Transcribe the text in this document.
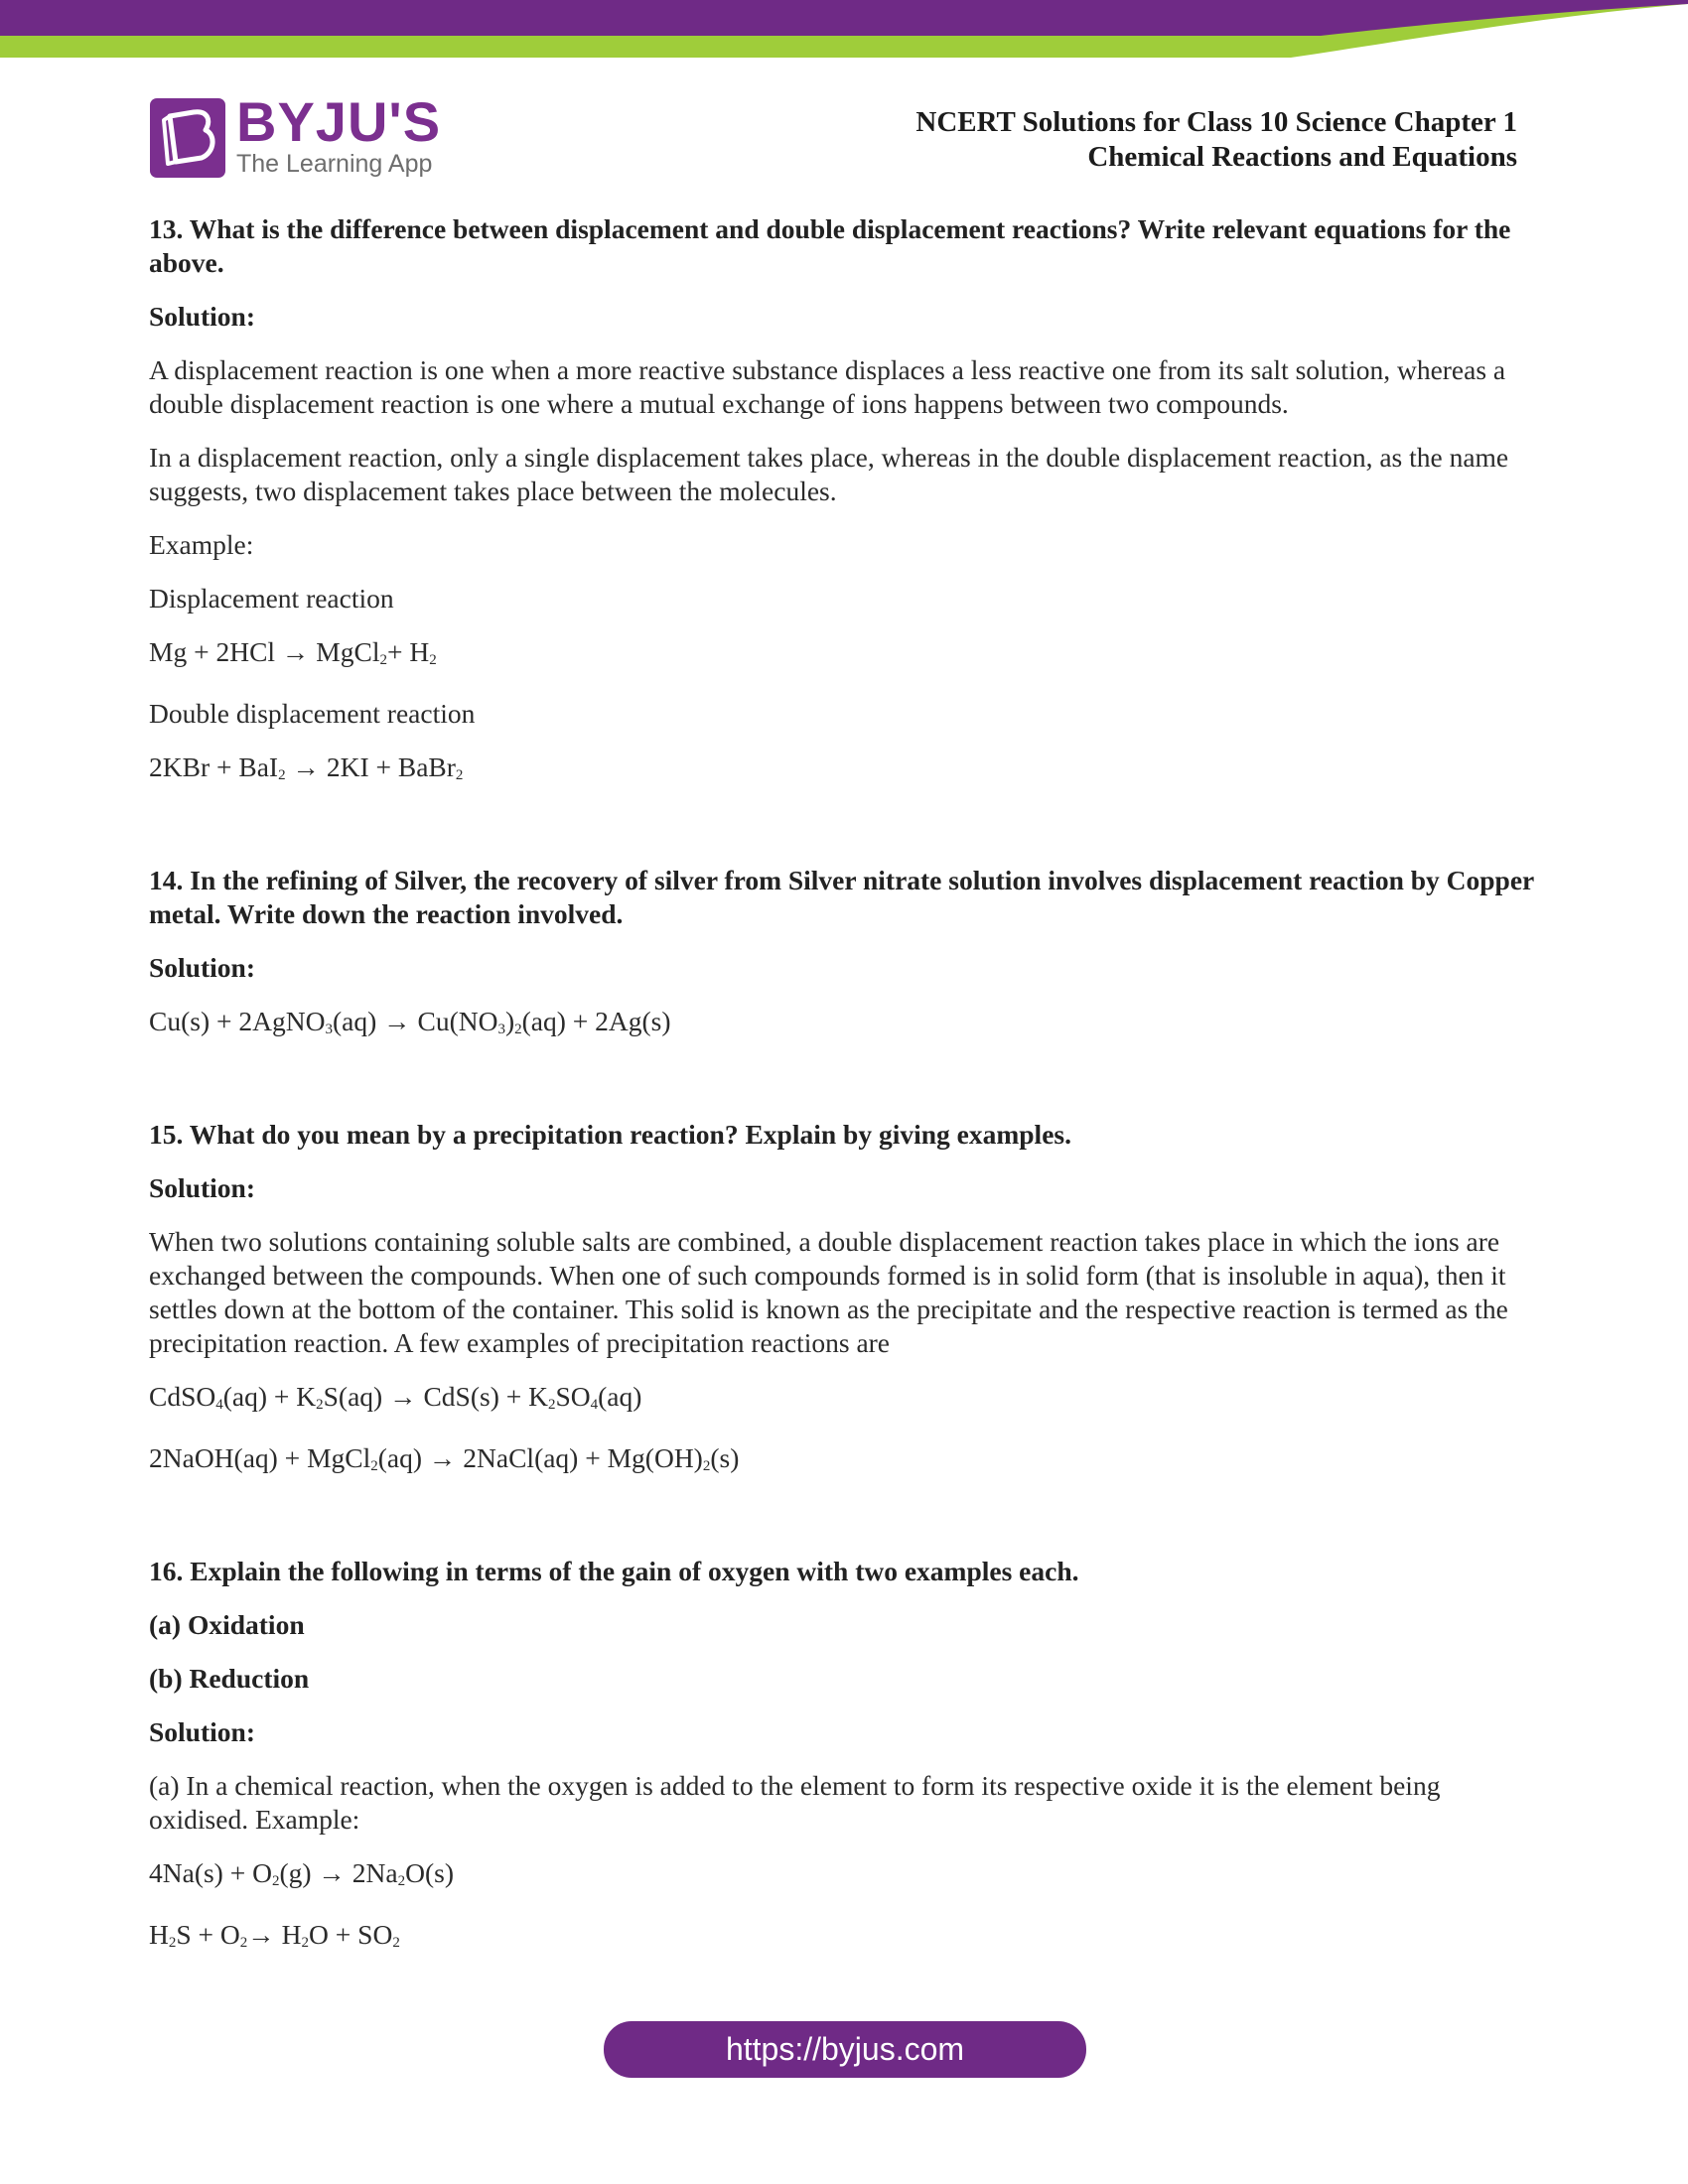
BYJU'S
The Learning App
NCERT Solutions for Class 10 Science Chapter 1
Chemical Reactions and Equations
13. What is the difference between displacement and double displacement reactions? Write relevant equations for the above.
Solution:
A displacement reaction is one when a more reactive substance displaces a less reactive one from its salt solution, whereas a double displacement reaction is one where a mutual exchange of ions happens between two compounds.
In a displacement reaction, only a single displacement takes place, whereas in the double displacement reaction, as the name suggests, two displacement takes place between the molecules.
Example:
Displacement reaction
Mg + 2HCl → MgCl$_2$+ $H_2$
Double displacement reaction
2KBr + BaI$_2$ → 2KI + BaBr$_2$
14. In the refining of Silver, the recovery of silver from Silver nitrate solution involves displacement reaction by Copper metal. Write down the reaction involved.
Solution:
Cu(s) + 2AgNO$_3$(aq) → $Cu(NO_3)_2(aq) + 2Ag(s)$
15. What do you mean by a precipitation reaction? Explain by giving examples.
Solution:
When two solutions containing soluble salts are combined, a double displacement reaction takes place in which the ions are exchanged between the compounds. When one of such compounds formed is in solid form (that is insoluble in aqua), then it settles down at the bottom of the container. This solid is known as the precipitate and the respective reaction is termed as the precipitation reaction. A few examples of precipitation reactions are
CdSO$_4$(aq) + $K_2S(aq) \to CdS(s) + K_2SO_4(aq)$
2NaOH(aq) + MgCl$_2$(aq) → 2NaCl(aq) + $Mg(OH)_2(s)$
16. Explain the following in terms of the gain of oxygen with two examples each.
(a) Oxidation
(b) Reduction
Solution:
(a) In a chemical reaction, when the oxygen is added to the element to form its respective oxide it is the element being oxidised. Example:
$4Na(s) + O_2(g) \to 2Na_2O(s)$
$H_2S + O_2\to H_2O + SO_2$
https://byjus.com
